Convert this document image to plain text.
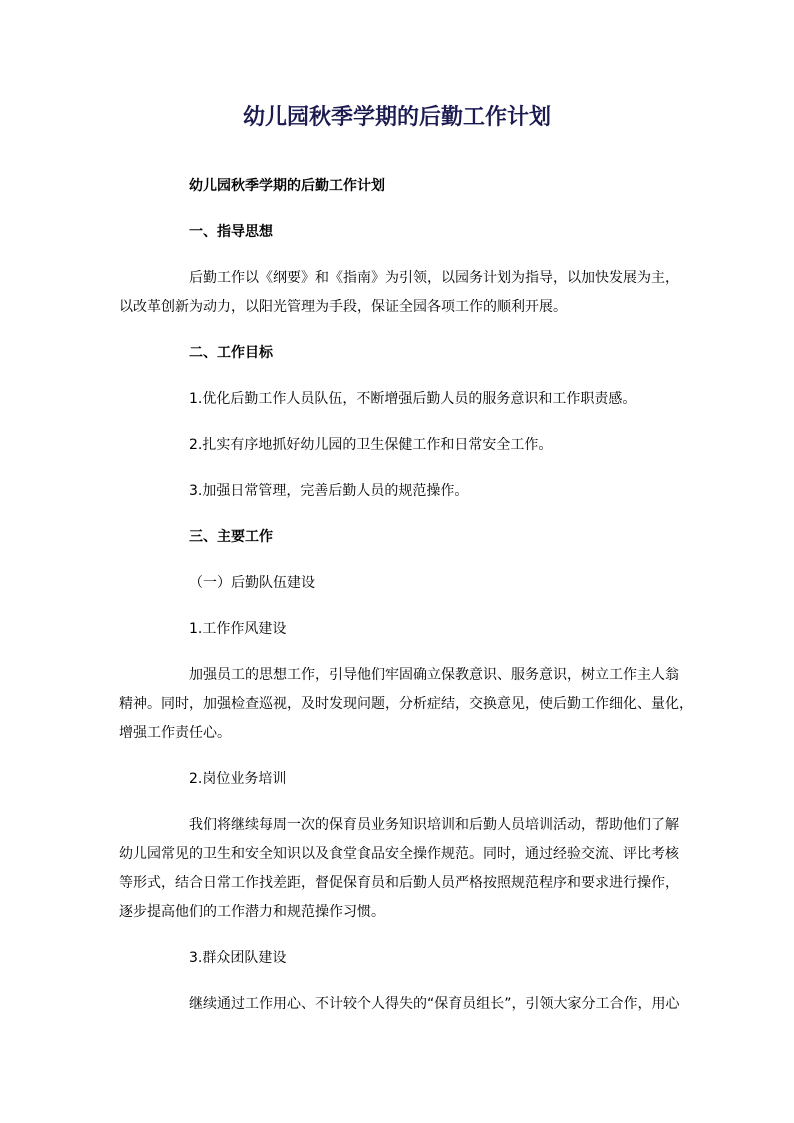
幼儿园秋季学期的后勤工作计划

幼儿园秋季学期的后勤工作计划

一、指导思想

后勤工作以《纲要》和《指南》为引领，以园务计划为指导，以加快发展为主，
以改革创新为动力，以阳光管理为手段，保证全园各项工作的顺利开展。

二、工作目标

1.优化后勤工作人员队伍，不断增强后勤人员的服务意识和工作职责感。

2.扎实有序地抓好幼儿园的卫生保健工作和日常安全工作。

3.加强日常管理，完善后勤人员的规范操作。

三、主要工作

（一）后勤队伍建设

1.工作作风建设

加强员工的思想工作，引导他们牢固确立保教意识、服务意识，树立工作主人翁
精神。同时，加强检查巡视，及时发现问题，分析症结，交换意见，使后勤工作细化、量化，
增强工作责任心。

2.岗位业务培训

我们将继续每周一次的保育员业务知识培训和后勤人员培训活动，帮助他们了解
幼儿园常见的卫生和安全知识以及食堂食品安全操作规范。同时，通过经验交流、评比考核
等形式，结合日常工作找差距，督促保育员和后勤人员严格按照规范程序和要求进行操作，
逐步提高他们的工作潜力和规范操作习惯。

3.群众团队建设

继续通过工作用心、不计较个人得失的“保育员组长”，引领大家分工合作，用心
